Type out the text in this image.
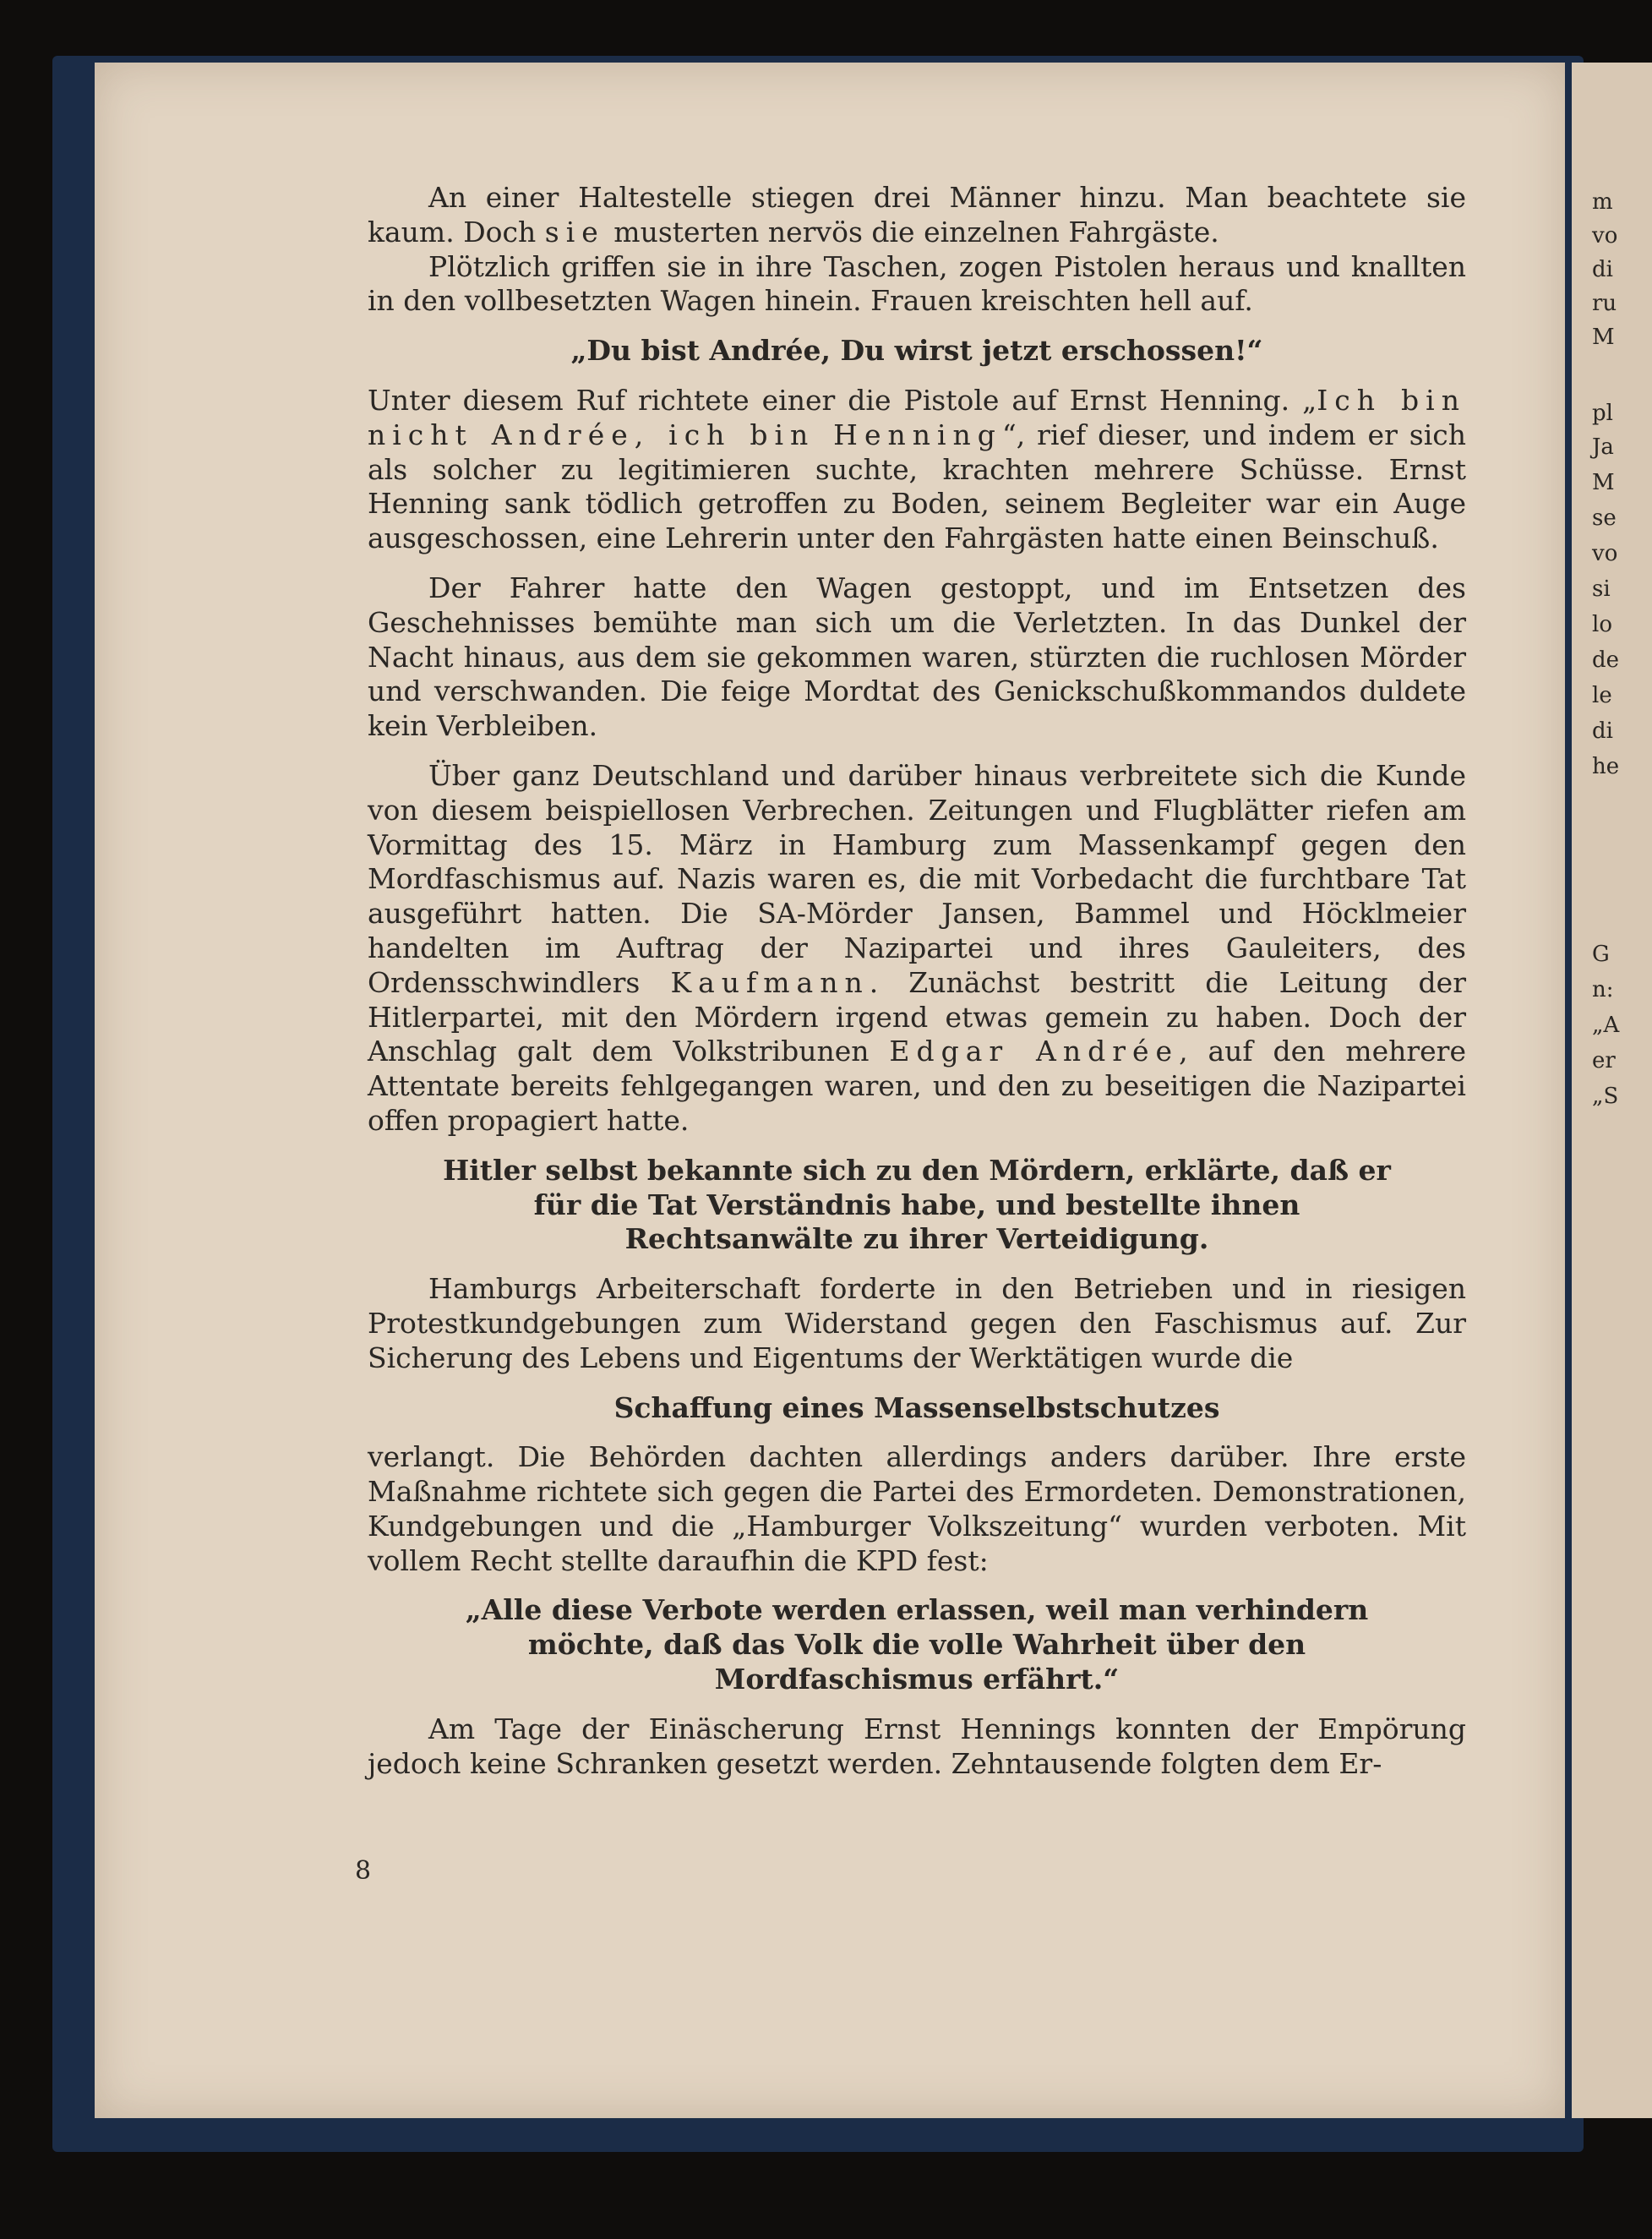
m
vo
di
ru
M
pl
Ja
M
se
vo
si
lo
de
le
di
he
G
n:
„A
er
„S

An einer Haltestelle stiegen drei Männer hinzu. Man beachtete sie kaum. Doch sie musterten nervös die einzelnen Fahrgäste.

Plötzlich griffen sie in ihre Taschen, zogen Pistolen heraus und knallten in den vollbesetzten Wagen hinein. Frauen kreischten hell auf.

„Du bist Andrée, Du wirst jetzt erschossen!“

Unter diesem Ruf richtete einer die Pistole auf Ernst Henning. „Ich bin nicht Andrée, ich bin Henning“, rief dieser, und indem er sich als solcher zu legitimieren suchte, krachten mehrere Schüsse. Ernst Henning sank tödlich getroffen zu Boden, seinem Begleiter war ein Auge ausgeschossen, eine Lehrerin unter den Fahrgästen hatte einen Beinschuß.

Der Fahrer hatte den Wagen gestoppt, und im Entsetzen des Geschehnisses bemühte man sich um die Verletzten. In das Dunkel der Nacht hinaus, aus dem sie gekommen waren, stürzten die ruchlosen Mörder und verschwanden. Die feige Mordtat des Genickschußkommandos duldete kein Verbleiben.

Über ganz Deutschland und darüber hinaus verbreitete sich die Kunde von diesem beispiellosen Verbrechen. Zeitungen und Flugblätter riefen am Vormittag des 15. März in Hamburg zum Massenkampf gegen den Mordfaschismus auf. Nazis waren es, die mit Vorbedacht die furchtbare Tat ausgeführt hatten. Die SA-Mörder Jansen, Bammel und Höcklmeier handelten im Auftrag der Nazipartei und ihres Gauleiters, des Ordensschwindlers Kaufmann. Zunächst bestritt die Leitung der Hitlerpartei, mit den Mördern irgend etwas gemein zu haben. Doch der Anschlag galt dem Volkstribunen Edgar Andrée, auf den mehrere Attentate bereits fehlgegangen waren, und den zu beseitigen die Nazipartei offen propagiert hatte.

Hitler selbst bekannte sich zu den Mördern, erklärte, daß er für die Tat Verständnis habe, und bestellte ihnen Rechtsanwälte zu ihrer Verteidigung.

Hamburgs Arbeiterschaft forderte in den Betrieben und in riesigen Protestkundgebungen zum Widerstand gegen den Faschismus auf. Zur Sicherung des Lebens und Eigentums der Werktätigen wurde die

Schaffung eines Massenselbstschutzes

verlangt. Die Behörden dachten allerdings anders darüber. Ihre erste Maßnahme richtete sich gegen die Partei des Ermordeten. Demonstrationen, Kundgebungen und die „Hamburger Volkszeitung“ wurden verboten. Mit vollem Recht stellte daraufhin die KPD fest:

„Alle diese Verbote werden erlassen, weil man verhindern möchte, daß das Volk die volle Wahrheit über den Mordfaschismus erfährt.“

Am Tage der Einäscherung Ernst Hennings konnten der Empörung jedoch keine Schranken gesetzt werden. Zehntausende folgten dem Er-

8
